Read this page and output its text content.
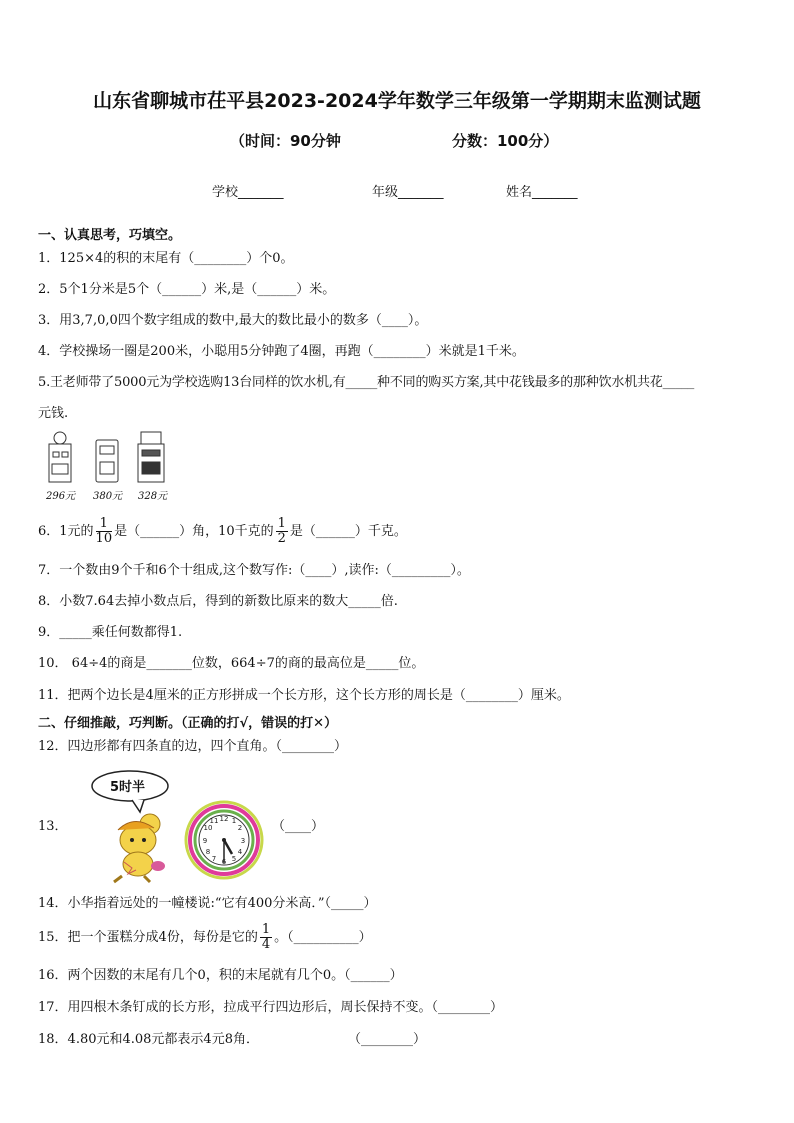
山东省聊城市茌平县2023-2024学年数学三年级第一学期期末监测试题
（时间：90分钟	分数：100分）
学校_______	年级_______	姓名_______
一、认真思考，巧填空。
1．125×4的积的末尾有（________）个0。
2．5个1分米是5个（______）米,是（______）米。
3．用3,7,0,0四个数字组成的数中,最大的数比最小的数多（____）。
4．学校操场一圈是200米，小聪用5分钟跑了4圈，再跑（________）米就是1千米。
5.王老师带了5000元为学校选购13台同样的饮水机,有_____种不同的购买方案,其中花钱最多的那种饮水机共花_____
元钱.
296元 380元 328元
6．1元的 $\frac{1}{10}$ 是（______）角，10千克的 $\frac{1}{2}$ 是（______）千克。
7．一个数由9个千和6个十组成,这个数写作:（____）,读作:（_________）。
8．小数7.64去掉小数点后，得到的新数比原来的数大_____倍.
9．_____乘任何数都得1.
10． 64÷4的商是_______位数，664÷7的商的最高位是_____位。
11．把两个边长是4厘米的正方形拼成一个长方形，这个长方形的周长是（________）厘米。
二、仔细推敲，巧判断。（正确的打√，错误的打✕）
12．四边形都有四条直的边，四个直角。（________）
13．	12 1
2
3
4
5
6
7
8
9
10
11
5时半
（____）
14．小华指着远处的一幢楼说:“它有400分米高．”（_____）
15．把一个蛋糕分成4份，每份是它的 $\frac{1}{4}$ 。（__________）
16．两个因数的末尾有几个0，积的末尾就有几个0。（______）
17．用四根木条钉成的长方形，拉成平行四边形后，周长保持不变。（________）
18．4.80元和4.08元都表示4元8角．	（________）
